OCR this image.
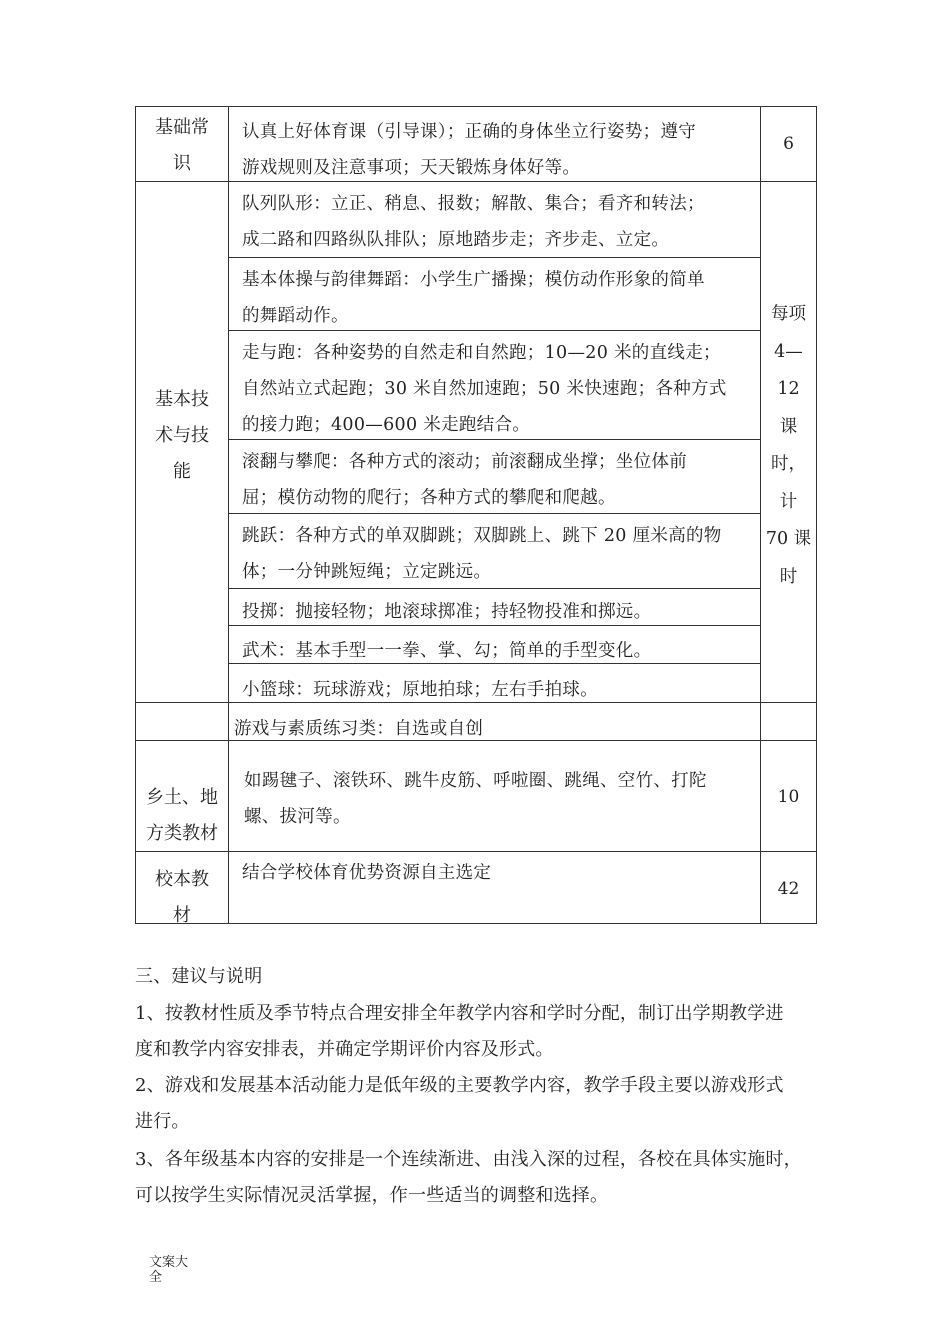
基础常
识
认真上好体育课（引导课）；正确的身体坐立行姿势；遵守
游戏规则及注意事项；天天锻炼身体好等。
6
基本技
术与技
能
队列队形：立正、稍息、报数；解散、集合；看齐和转法；
成二路和四路纵队排队；原地踏步走；齐步走、立定。
基本体操与韵律舞蹈：小学生广播操；模仿动作形象的简单
的舞蹈动作。
走与跑：各种姿势的自然走和自然跑；10—20 米的直线走；
自然站立式起跑；30 米自然加速跑；50 米快速跑；各种方式
的接力跑；400—600 米走跑结合。
滚翻与攀爬：各种方式的滚动；前滚翻成坐撑；坐位体前
屈；模仿动物的爬行；各种方式的攀爬和爬越。
跳跃：各种方式的单双脚跳；双脚跳上、跳下 20 厘米高的物
体；一分钟跳短绳；立定跳远。
投掷：抛接轻物；地滚球掷准；持轻物投准和掷远。
武术：基本手型一一拳、掌、勾；简单的手型变化。
小篮球：玩球游戏；原地拍球；左右手拍球。
每项
4—
12
课
时，
计
70 课
时
游戏与素质练习类：自选或自创
乡土、地
方类教材
如踢毽子、滚铁环、跳牛皮筋、呼啦圈、跳绳、空竹、打陀
螺、拔河等。
10
校本教
材
结合学校体育优势资源自主选定
42
三、建议与说明
1、按教材性质及季节特点合理安排全年教学内容和学时分配，制订出学期教学进
度和教学内容安排表，并确定学期评价内容及形式。
2、游戏和发展基本活动能力是低年级的主要教学内容，教学手段主要以游戏形式
进行。
3、各年级基本内容的安排是一个连续渐进、由浅入深的过程，各校在具体实施时，
可以按学生实际情况灵活掌握，作一些适当的调整和选择。
文案大
全
